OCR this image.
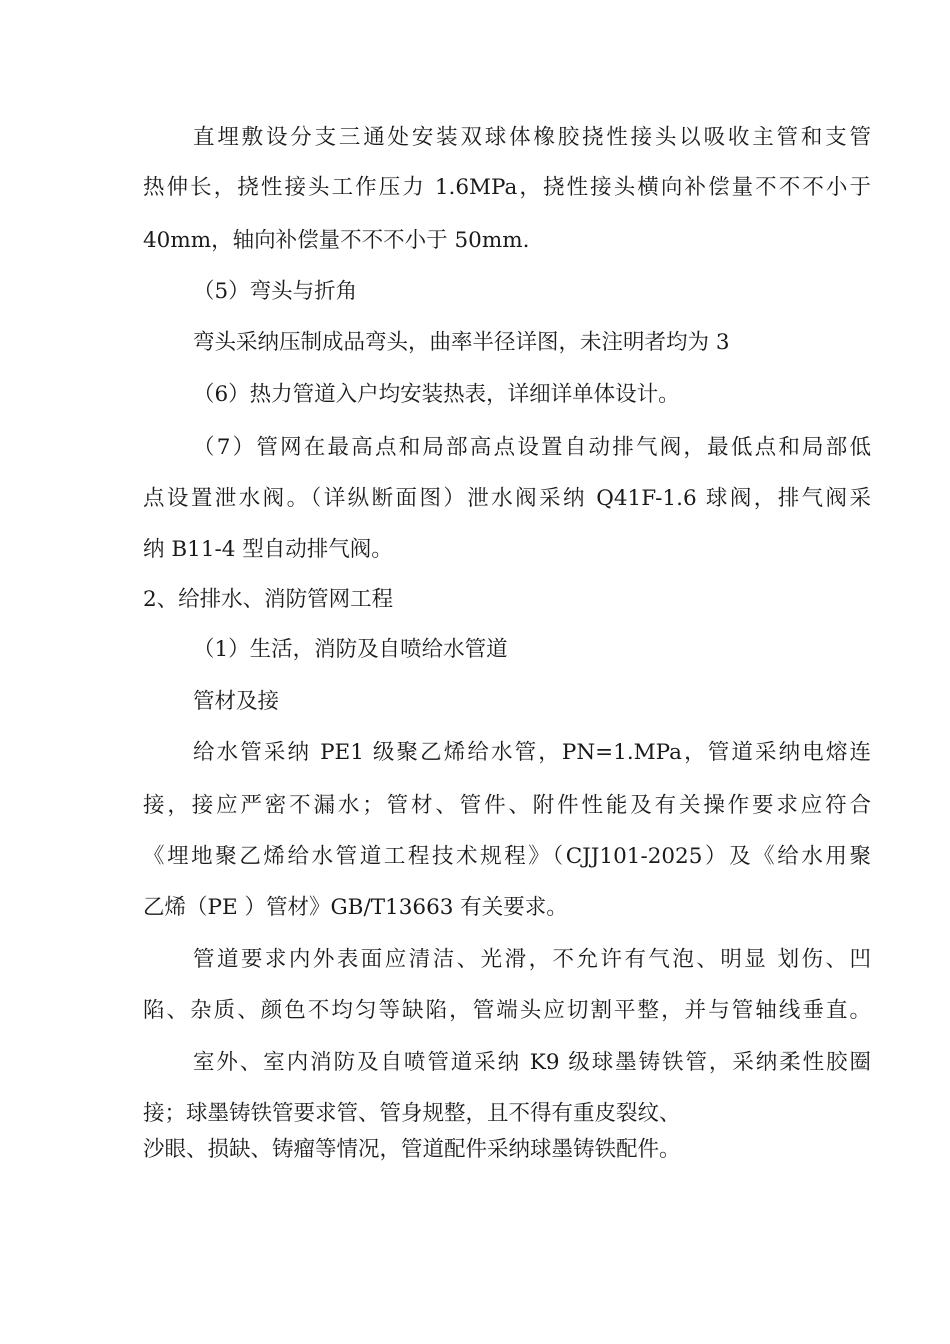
直埋敷设分支三通处安装双球体橡胶挠性接头以吸收主管和支管

热伸长，挠性接头工作压力 1.6MPa，挠性接头横向补偿量不不不小于

40mm，轴向补偿量不不不小于 50mm.

（5）弯头与折角

弯头采纳压制成品弯头，曲率半径详图，未注明者均为 3

（6）热力管道入户均安装热表，详细详单体设计。

（7）管网在最高点和局部高点设置自动排气阀，最低点和局部低

点设置泄水阀。（详纵断面图）泄水阀采纳 Q41F-1.6 球阀，排气阀采

纳 B11-4 型自动排气阀。

2、给排水、消防管网工程

（1）生活，消防及自喷给水管道

管材及接

给水管采纳 PE1 级聚乙烯给水管，PN=1.MPa，管道采纳电熔连

接，接应严密不漏水；管材、管件、附件性能及有关操作要求应符合

《埋地聚乙烯给水管道工程技术规程》（CJJ101-2025）及《给水用聚

乙烯（PE ）管材》GB/T13663 有关要求。

管道要求内外表面应清洁、光滑，不允许有气泡、明显 划伤、凹

陷、杂质、颜色不均匀等缺陷，管端头应切割平整，并与管轴线垂直。

室外、室内消防及自喷管道采纳 K9 级球墨铸铁管，采纳柔性胶圈

接；球墨铸铁管要求管、管身规整，且不得有重皮裂纹、

沙眼、损缺、铸瘤等情况，管道配件采纳球墨铸铁配件。
